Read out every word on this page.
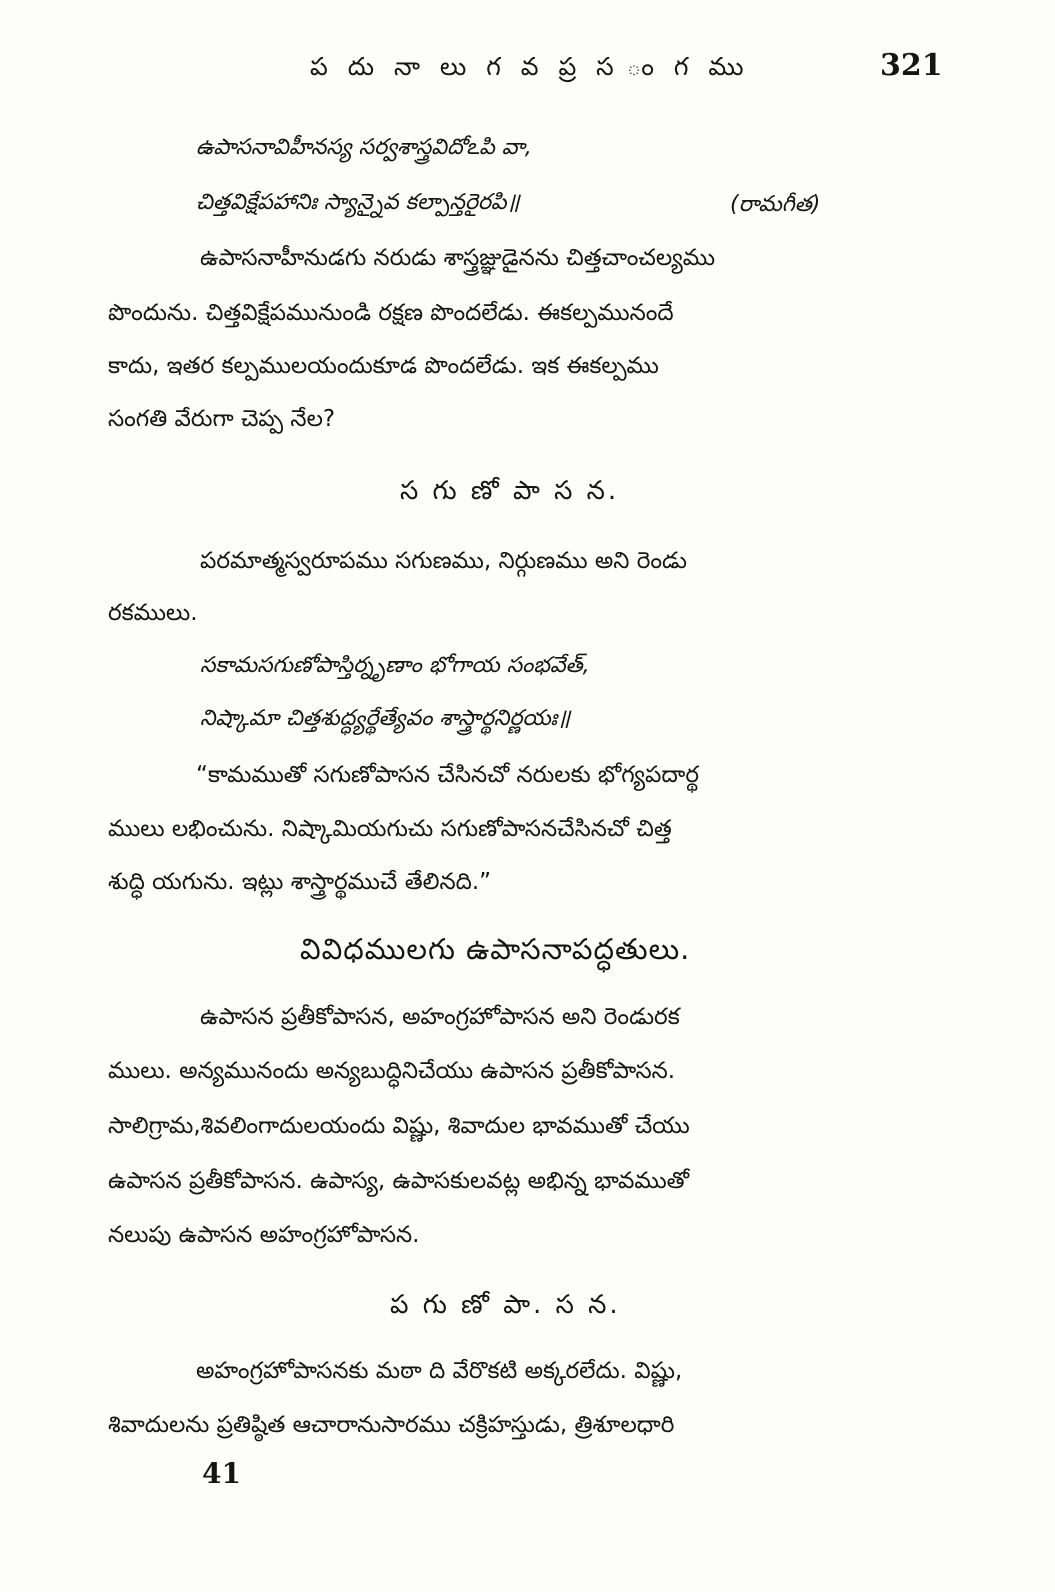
ప దు నా లు గ వ ప్ర స ం గ ము	321
ఉపాసనావిహీనస్య సర్వశాస్త్రవిదోఽపి వా,
చిత్తవిక్షేపహానిః స్యాన్నైవ కల్పాన్తరైరపి॥	(రామగీత)
ఉపాసనాహీనుడగు నరుడు శాస్త్రజ్ఞుడైనను చిత్తచాంచల్యము
పొందును. చిత్తవిక్షేపమునుండి రక్షణ పొందలేడు. ఈకల్పమునందే
కాదు, ఇతర కల్పములయందుకూడ పొందలేడు. ఇక ఈకల్పము
సంగతి వేరుగా చెప్ప నేల?
స గు ణో పా స న.
పరమాత్మస్వరూపము సగుణము, నిర్గుణము అని రెండు
రకములు.
సకామసగుణోపాస్తిర్నృణాం భోగాయ సంభవేత్,
నిష్కామా చిత్తశుద్ధ్యర్థేత్యేవం శాస్త్రార్థనిర్ణయః॥
“కామముతో సగుణోపాసన చేసినచో నరులకు భోగ్యపదార్థ
ములు లభించును. నిష్కామియగుచు సగుణోపాసనచేసినచో చిత్త
శుద్ధి యగును. ఇట్లు శాస్త్రార్థముచే తేలినది.”
వివిధములగు ఉపాసనాపద్ధతులు.
ఉపాసన ప్రతీకోపాసన, అహంగ్రహోపాసన అని రెండురక
ములు. అన్యమునందు అన్యబుద్ధినిచేయు ఉపాసన ప్రతీకోపాసన.
సాలిగ్రామ,శివలింగాదులయందు విష్ణు, శివాదుల భావముతో చేయు
ఉపాసన ప్రతీకోపాసన. ఉపాస్య, ఉపాసకులవట్ల అభిన్న భావముతో
నలుపు ఉపాసన అహంగ్రహోపాసన.
ప గు ణో పా. స న.
అహంగ్రహోపాసనకు మఠా ది వేరొకటి అక్కరలేదు. విష్ణు,
శివాదులను ప్రతిష్ఠిత ఆచారానుసారము చక్రిహస్తుడు, త్రిశూలధారి
41
